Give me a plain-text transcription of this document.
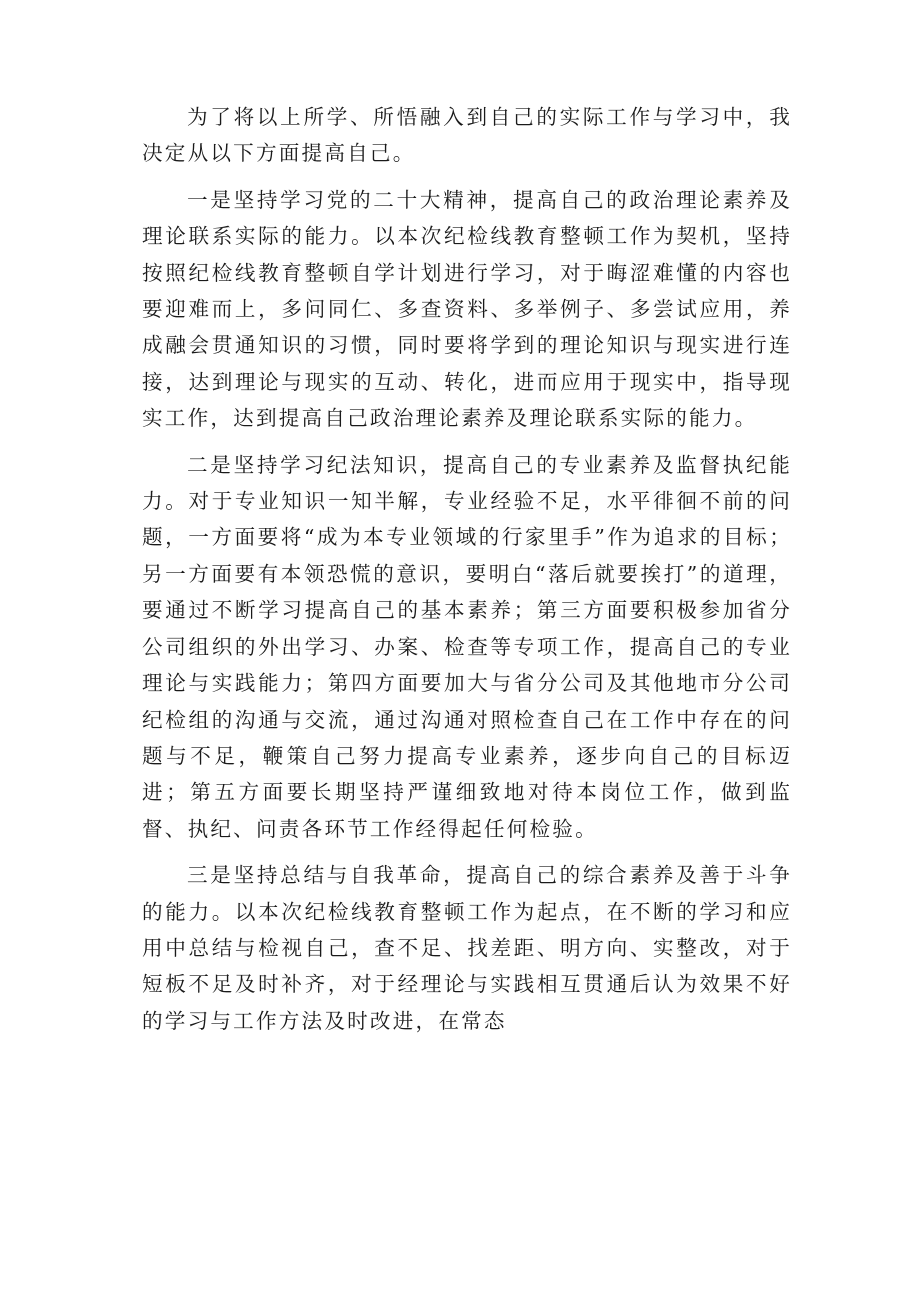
为了将以上所学、所悟融入到自己的实际工作与学习中，我决定从以下方面提高自己。

一是坚持学习党的二十大精神，提高自己的政治理论素养及理论联系实际的能力。以本次纪检线教育整顿工作为契机，坚持按照纪检线教育整顿自学计划进行学习，对于晦涩难懂的内容也要迎难而上，多问同仁、多查资料、多举例子、多尝试应用，养成融会贯通知识的习惯，同时要将学到的理论知识与现实进行连接，达到理论与现实的互动、转化，进而应用于现实中，指导现实工作，达到提高自己政治理论素养及理论联系实际的能力。

二是坚持学习纪法知识，提高自己的专业素养及监督执纪能力。对于专业知识一知半解，专业经验不足，水平徘徊不前的问题，一方面要将“成为本专业领域的行家里手”作为追求的目标；另一方面要有本领恐慌的意识，要明白“落后就要挨打”的道理，要通过不断学习提高自己的基本素养；第三方面要积极参加省分公司组织的外出学习、办案、检查等专项工作，提高自己的专业理论与实践能力；第四方面要加大与省分公司及其他地市分公司纪检组的沟通与交流，通过沟通对照检查自己在工作中存在的问题与不足，鞭策自己努力提高专业素养，逐步向自己的目标迈进；第五方面要长期坚持严谨细致地对待本岗位工作，做到监督、执纪、问责各环节工作经得起任何检验。

三是坚持总结与自我革命，提高自己的综合素养及善于斗争的能力。以本次纪检线教育整顿工作为起点，在不断的学习和应用中总结与检视自己，查不足、找差距、明方向、实整改，对于短板不足及时补齐，对于经理论与实践相互贯通后认为效果不好的学习与工作方法及时改进，在常态
